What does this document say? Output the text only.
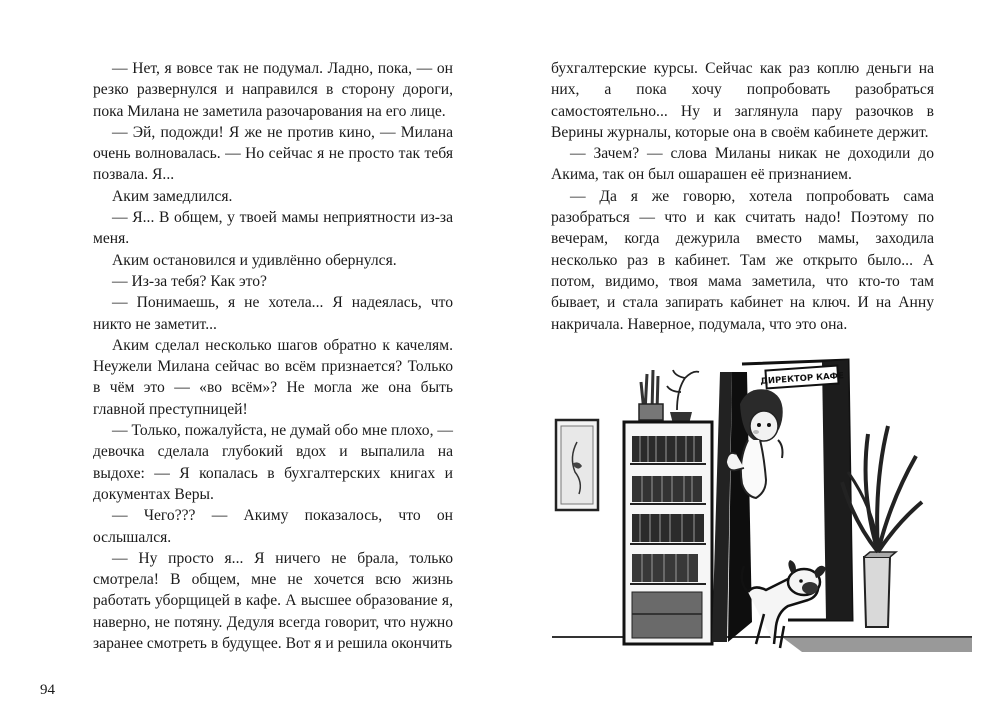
— Нет, я вовсе так не подумал. Ладно, пока, — он резко развернулся и направился в сторону дороги, пока Милана не заметила разочарования на его лице.

— Эй, подожди! Я же не против кино, — Милана очень волновалась. — Но сейчас я не просто так тебя позвала. Я...

Аким замедлился.

— Я... В общем, у твоей мамы неприятности из-за меня.

Аким остановился и удивлённо обернулся.

— Из-за тебя? Как это?

— Понимаешь, я не хотела... Я надеялась, что никто не заметит...

Аким сделал несколько шагов обратно к качелям. Неужели Милана сейчас во всём признается? Только в чём это — «во всём»? Не могла же она быть главной преступницей!

— Только, пожалуйста, не думай обо мне плохо, — девочка сделала глубокий вдох и выпалила на выдохе: — Я копалась в бухгалтерских книгах и документах Веры.

— Чего??? — Акиму показалось, что он ослышался.

— Ну просто я... Я ничего не брала, только смотрела! В общем, мне не хочется всю жизнь работать уборщицей в кафе. А высшее образование я, наверно, не потяну. Дедуля всегда говорит, что нужно заранее смотреть в будущее. Вот я и решила окончить

94

бухгалтерские курсы. Сейчас как раз коплю деньги на них, а пока хочу попробовать разобраться самостоятельно... Ну и заглянула пару разочков в Верины журналы, которые она в своём кабинете держит.

— Зачем? — слова Миланы никак не доходили до Акима, так он был ошарашен её признанием.

— Да я же говорю, хотела попробовать сама разобраться — что и как считать надо! Поэтому по вечерам, когда дежурила вместо мамы, заходила несколько раз в кабинет. Там же открыто было... А потом, видимо, твоя мама заметила, что кто-то там бывает, и стала запирать кабинет на ключ. И на Анну накричала. Наверное, подумала, что это она.

ДИРЕКТОР КАФЕ
